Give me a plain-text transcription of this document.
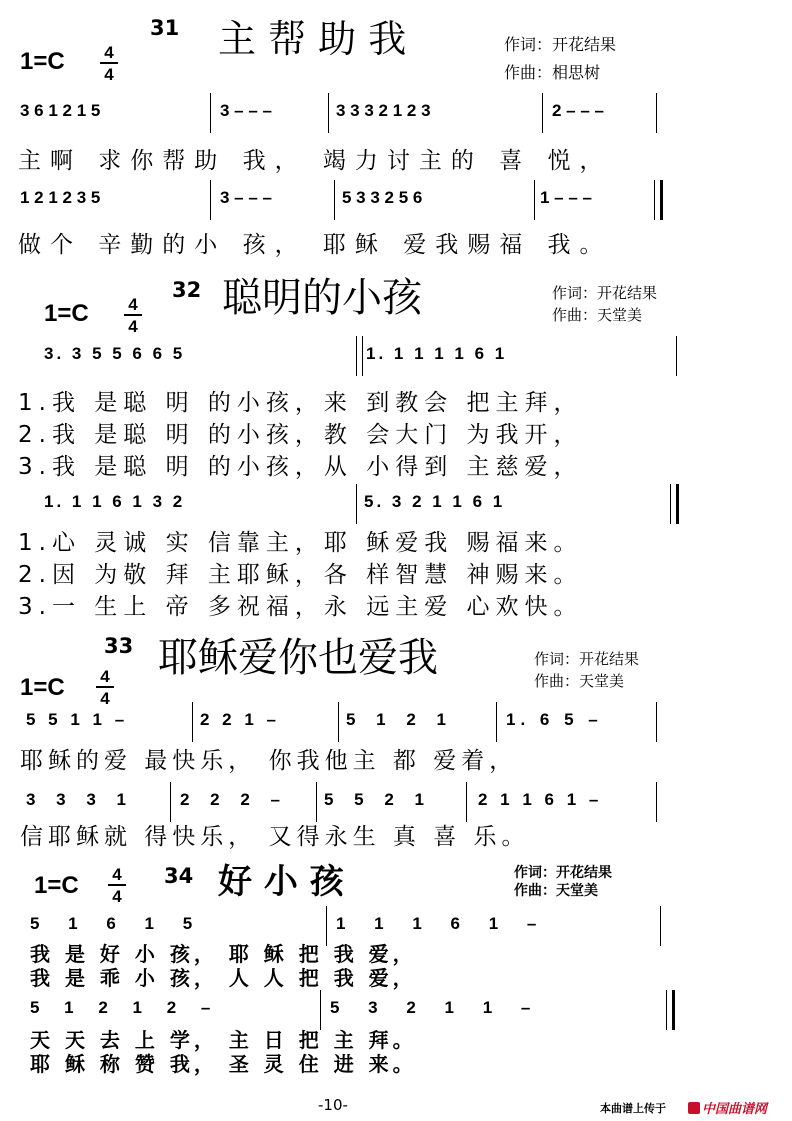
31 主 帮 助 我
1=C 4
4
作词：开花结果
作曲：相思树
3 6 1 2 1 5	3 – – –	3 3 3 2 1 2 3	2 – – –
主啊 求你帮助 我， 竭力讨主的 喜 悦，
1 2 1 2 3 5	3 – – –	5 3 3 2 5 6	1 – – –
做个 辛勤的小 孩， 耶稣 爱我赐福 我。
32 聪明的小孩
1=C 4
4
作词：开花结果
作曲：天堂美
3. 3 5 5 6 6 5	1. 1 1 1 1 6 1
1.我 是聪 明 的小孩，来 到教会 把主拜，
2.我 是聪 明 的小孩，教 会大门 为我开，
3.我 是聪 明 的小孩，从 小得到 主慈爱，
1. 1 1 6 1 3 2	5. 3 2 1 1 6 1
1.心 灵诚 实 信靠主，耶 稣爱我 赐福来。
2.因 为敬 拜 主耶稣，各 样智慧 神赐来。
3.一 生上 帝 多祝福，永 远主爱 心欢快。
33 耶稣爱你也爱我
1=C 4
4
作词：开花结果
作曲：天堂美
5 5 1 1 –	2 2 1 –	5 1 2 1	1. 6 5 –
耶稣的爱 最快乐， 你我他主 都 爱着，
3 3 3 1	2 2 2 – 5 5 2 1	2 1 1 6 1 –
信耶稣就 得快乐， 又得永生 真 喜 乐。
34 好 小 孩
1=C 4
4
作词：开花结果
作曲：天堂美
5 1 6 1 5	1 1 1 6 1 –
我 是 好 小 孩， 耶 稣 把 我 爱，
我 是 乖 小 孩， 人 人 把 我 爱，
5 1 2 1 2 –	5 3 2 1 1 –
天 天 去 上 学， 主 日 把 主 拜。
耶 稣 称 赞 我， 圣 灵 住 进 来。
-10-	本曲谱上传于	中国曲谱网
